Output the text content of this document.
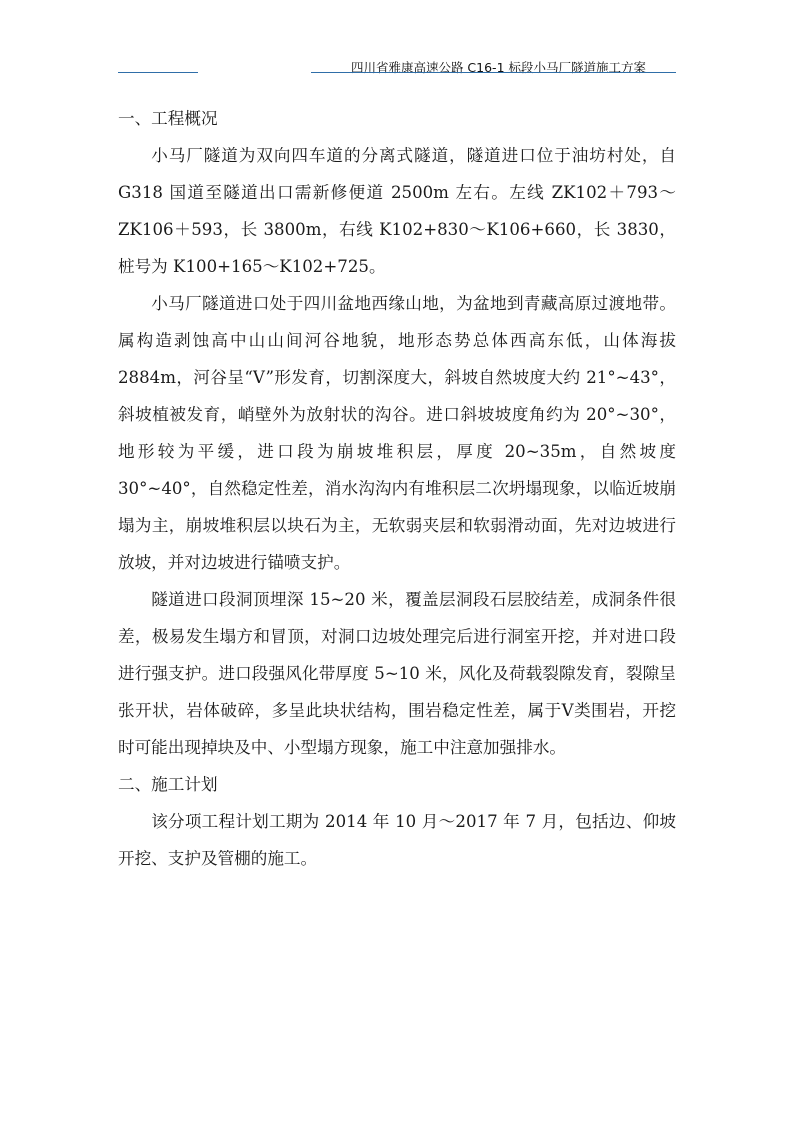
四川省雅康高速公路 C16-1 标段小马厂隧道施工方案

一、工程概况

小马厂隧道为双向四车道的分离式隧道，隧道进口位于油坊村处，自 G318 国道至隧道出口需新修便道 2500m 左右。左线 ZK102＋793～ZK106＋593，长 3800m，右线 K102+830～K106+660，长 3830，桩号为 K100+165～K102+725。

小马厂隧道进口处于四川盆地西缘山地，为盆地到青藏高原过渡地带。属构造剥蚀高中山山间河谷地貌，地形态势总体西高东低，山体海拔 2884m，河谷呈“V”形发育，切割深度大，斜坡自然坡度大约 21°~43°，斜坡植被发育，峭壁外为放射状的沟谷。进口斜坡坡度角约为 20°~30°，地形较为平缓，进口段为崩坡堆积层，厚度 20~35m，自然坡度 30°~40°，自然稳定性差，消水沟沟内有堆积层二次坍塌现象，以临近坡崩塌为主，崩坡堆积层以块石为主，无软弱夹层和软弱滑动面，先对边坡进行放坡，并对边坡进行锚喷支护。

隧道进口段洞顶埋深 15~20 米，覆盖层洞段石层胶结差，成洞条件很差，极易发生塌方和冒顶，对洞口边坡处理完后进行洞室开挖，并对进口段进行强支护。进口段强风化带厚度 5~10 米，风化及荷载裂隙发育，裂隙呈张开状，岩体破碎，多呈此块状结构，围岩稳定性差，属于Ⅴ类围岩，开挖时可能出现掉块及中、小型塌方现象，施工中注意加强排水。

二、施工计划

该分项工程计划工期为 2014 年 10 月～2017 年 7 月，包括边、仰坡开挖、支护及管棚的施工。
